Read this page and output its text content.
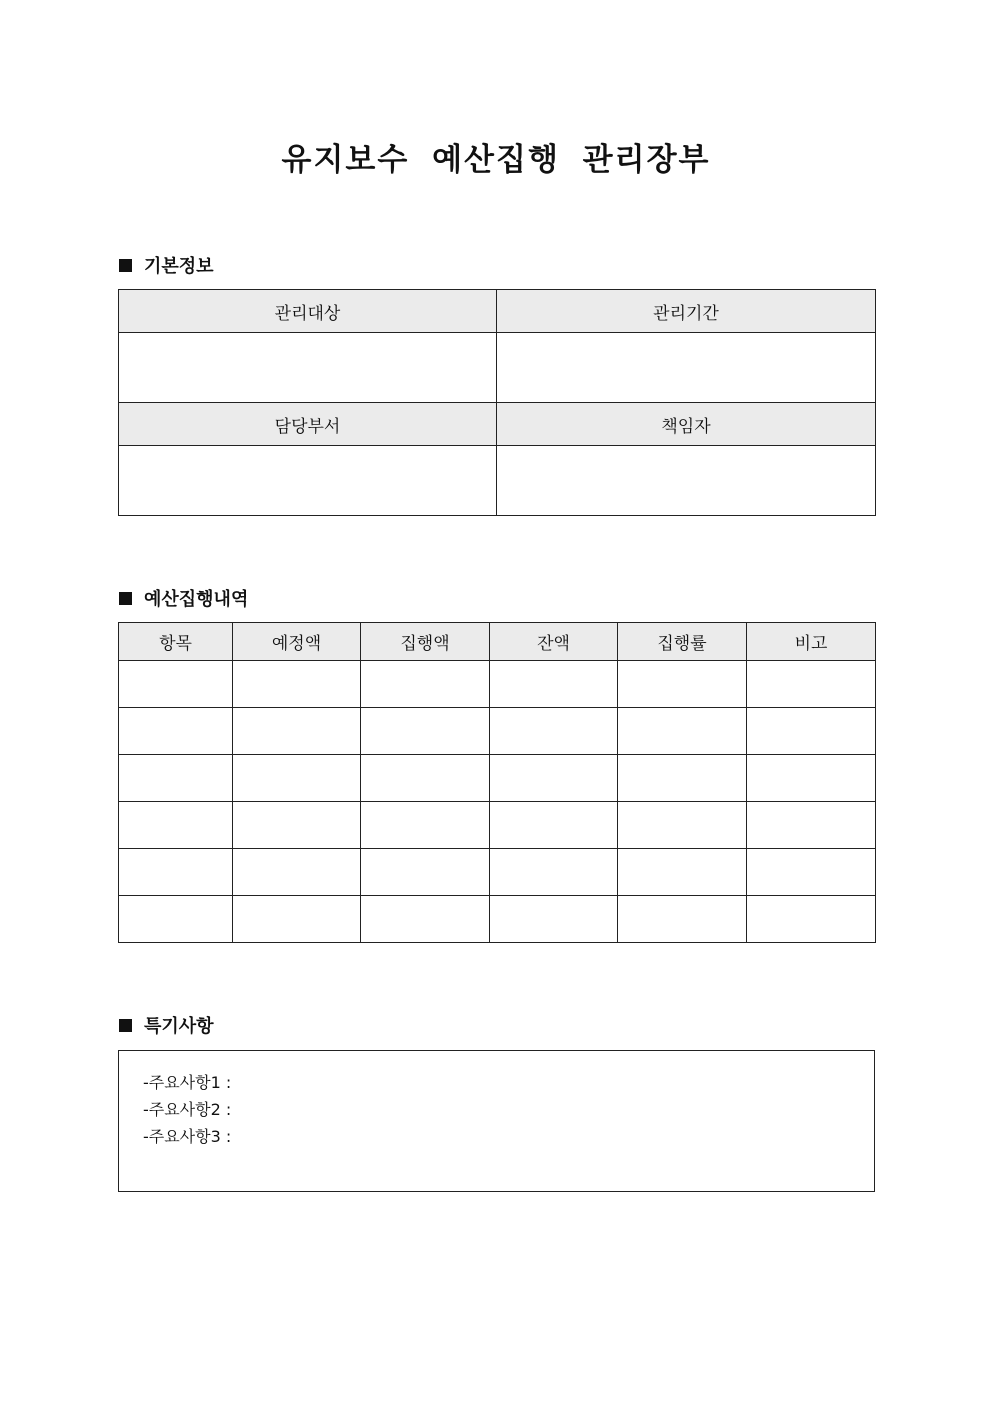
유지보수 예산집행 관리장부
기본정보
관리대상	관리기간

담당부서	책임자

예산집행내역
항목	예정액	집행액	잔액	집행률	비고

특기사항
-주요사항1 :
-주요사항2 :
-주요사항3 :
